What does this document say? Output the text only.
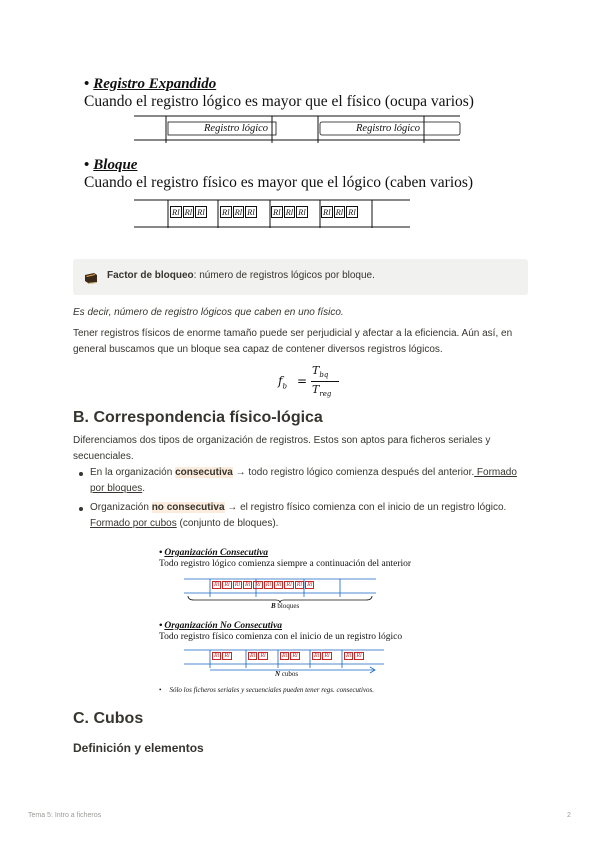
• Registro Expandido
Cuando el registro lógico es mayor que el físico (ocupa varios)
Registro lógico	Registro lógico
• Bloque
Cuando el registro físico es mayor que el lógico (caben varios)
Rl Rl Rl Rl Rl Rl Rl Rl Rl Rl Rl Rl
Factor de bloqueo: número de registros lógicos por bloque.
Es decir, número de registro lógicos que caben en uno físico.
Tener registros físicos de enorme tamaño puede ser perjudicial y afectar a la eficiencia. Aún así, en general buscamos que un bloque sea capaz de contener diversos registros lógicos.
$f_b$ =
$T_{bq}$
$T_{reg}$
B. Correspondencia físico-lógica
Diferenciamos dos tipos de organización de registros. Estos son aptos para ficheros seriales y secuenciales.
En la organización consecutiva → todo registro lógico comienza después del anterior. Formado por bloques.
Organización no consecutiva → el registro físico comienza con el inicio de un registro lógico. Formado por cubos (conjunto de bloques).
• Organización Consecutiva
Todo registro lógico comienza siempre a continuación del anterior
Rl Rl Rl Rl Rl Rl Rl Rl Rl Rl
B bloques
• Organización No Consecutiva
Todo registro físico comienza con el inicio de un registro lógico
Rl Rl	Rl Rl	Rl Rl	Rl Rl	Rl Rl
N cubos
• Sólo los ficheros seriales y secuenciales pueden tener regs. consecutivos.
C. Cubos
Definición y elementos
Tema 5: Intro a ficheros	2
